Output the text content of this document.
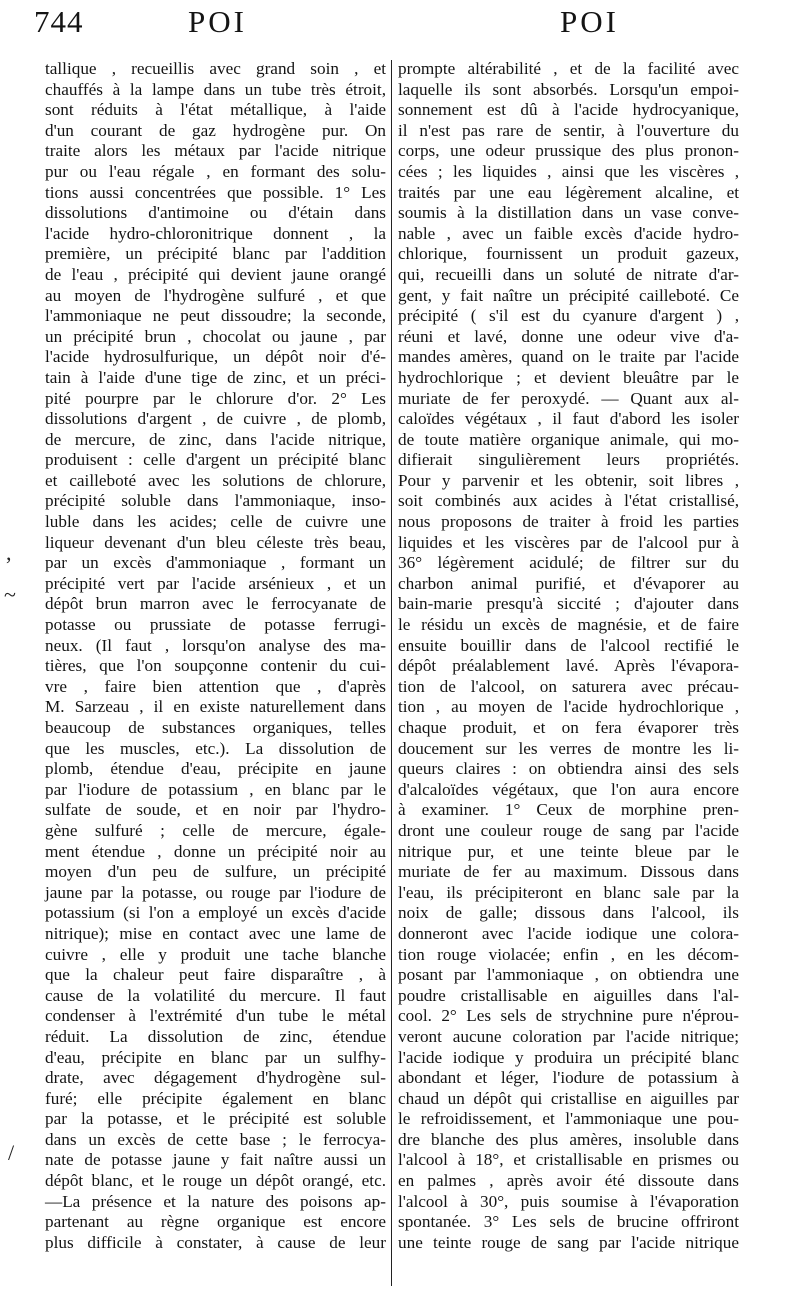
744	POI	POI
,
~
/
tallique , recueillis avec grand soin , et
chauffés à la lampe dans un tube très étroit,
sont réduits à l'état métallique, à l'aide
d'un courant de gaz hydrogène pur. On
traite alors les métaux par l'acide nitrique
pur ou l'eau régale , en formant des solu-
tions aussi concentrées que possible. 1° Les
dissolutions d'antimoine ou d'étain dans
l'acide hydro-chloronitrique donnent , la
première, un précipité blanc par l'addition
de l'eau , précipité qui devient jaune orangé
au moyen de l'hydrogène sulfuré , et que
l'ammoniaque ne peut dissoudre; la seconde,
un précipité brun , chocolat ou jaune , par
l'acide hydrosulfurique, un dépôt noir d'é-
tain à l'aide d'une tige de zinc, et un préci-
pité pourpre par le chlorure d'or. 2° Les
dissolutions d'argent , de cuivre , de plomb,
de mercure, de zinc, dans l'acide nitrique,
produisent : celle d'argent un précipité blanc
et cailleboté avec les solutions de chlorure,
précipité soluble dans l'ammoniaque, inso-
luble dans les acides; celle de cuivre une
liqueur devenant d'un bleu céleste très beau,
par un excès d'ammoniaque , formant un
précipité vert par l'acide arsénieux , et un
dépôt brun marron avec le ferrocyanate de
potasse ou prussiate de potasse ferrugi-
neux. (Il faut , lorsqu'on analyse des ma-
tières, que l'on soupçonne contenir du cui-
vre , faire bien attention que , d'après
M. Sarzeau , il en existe naturellement dans
beaucoup de substances organiques, telles
que les muscles, etc.). La dissolution de
plomb, étendue d'eau, précipite en jaune
par l'iodure de potassium , en blanc par le
sulfate de soude, et en noir par l'hydro-
gène sulfuré ; celle de mercure, égale-
ment étendue , donne un précipité noir au
moyen d'un peu de sulfure, un précipité
jaune par la potasse, ou rouge par l'iodure de
potassium (si l'on a employé un excès d'acide
nitrique); mise en contact avec une lame de
cuivre , elle y produit une tache blanche
que la chaleur peut faire disparaître , à
cause de la volatilité du mercure. Il faut
condenser à l'extrémité d'un tube le métal
réduit. La dissolution de zinc, étendue
d'eau, précipite en blanc par un sulfhy-
drate, avec dégagement d'hydrogène sul-
furé; elle précipite également en blanc
par la potasse, et le précipité est soluble
dans un excès de cette base ; le ferrocya-
nate de potasse jaune y fait naître aussi un
dépôt blanc, et le rouge un dépôt orangé, etc.
—La présence et la nature des poisons ap-
partenant au règne organique est encore
plus difficile à constater, à cause de leur
prompte altérabilité , et de la facilité avec
laquelle ils sont absorbés. Lorsqu'un empoi-
sonnement est dû à l'acide hydrocyanique,
il n'est pas rare de sentir, à l'ouverture du
corps, une odeur prussique des plus pronon-
cées ; les liquides , ainsi que les viscères ,
traités par une eau légèrement alcaline, et
soumis à la distillation dans un vase conve-
nable , avec un faible excès d'acide hydro-
chlorique, fournissent un produit gazeux,
qui, recueilli dans un soluté de nitrate d'ar-
gent, y fait naître un précipité cailleboté. Ce
précipité ( s'il est du cyanure d'argent ) ,
réuni et lavé, donne une odeur vive d'a-
mandes amères, quand on le traite par l'acide
hydrochlorique ; et devient bleuâtre par le
muriate de fer peroxydé. — Quant aux al-
caloïdes végétaux , il faut d'abord les isoler
de toute matière organique animale, qui mo-
difierait singulièrement leurs propriétés.
Pour y parvenir et les obtenir, soit libres ,
soit combinés aux acides à l'état cristallisé,
nous proposons de traiter à froid les parties
liquides et les viscères par de l'alcool pur à
36° légèrement acidulé; de filtrer sur du
charbon animal purifié, et d'évaporer au
bain-marie presqu'à siccité ; d'ajouter dans
le résidu un excès de magnésie, et de faire
ensuite bouillir dans de l'alcool rectifié le
dépôt préalablement lavé. Après l'évapora-
tion de l'alcool, on saturera avec précau-
tion , au moyen de l'acide hydrochlorique ,
chaque produit, et on fera évaporer très
doucement sur les verres de montre les li-
queurs claires : on obtiendra ainsi des sels
d'alcaloïdes végétaux, que l'on aura encore
à examiner. 1° Ceux de morphine pren-
dront une couleur rouge de sang par l'acide
nitrique pur, et une teinte bleue par le
muriate de fer au maximum. Dissous dans
l'eau, ils précipiteront en blanc sale par la
noix de galle; dissous dans l'alcool, ils
donneront avec l'acide iodique une colora-
tion rouge violacée; enfin , en les décom-
posant par l'ammoniaque , on obtiendra une
poudre cristallisable en aiguilles dans l'al-
cool. 2° Les sels de strychnine pure n'éprou-
veront aucune coloration par l'acide nitrique;
l'acide iodique y produira un précipité blanc
abondant et léger, l'iodure de potassium à
chaud un dépôt qui cristallise en aiguilles par
le refroidissement, et l'ammoniaque une pou-
dre blanche des plus amères, insoluble dans
l'alcool à 18°, et cristallisable en prismes ou
en palmes , après avoir été dissoute dans
l'alcool à 30°, puis soumise à l'évaporation
spontanée. 3° Les sels de brucine offriront
une teinte rouge de sang par l'acide nitrique
